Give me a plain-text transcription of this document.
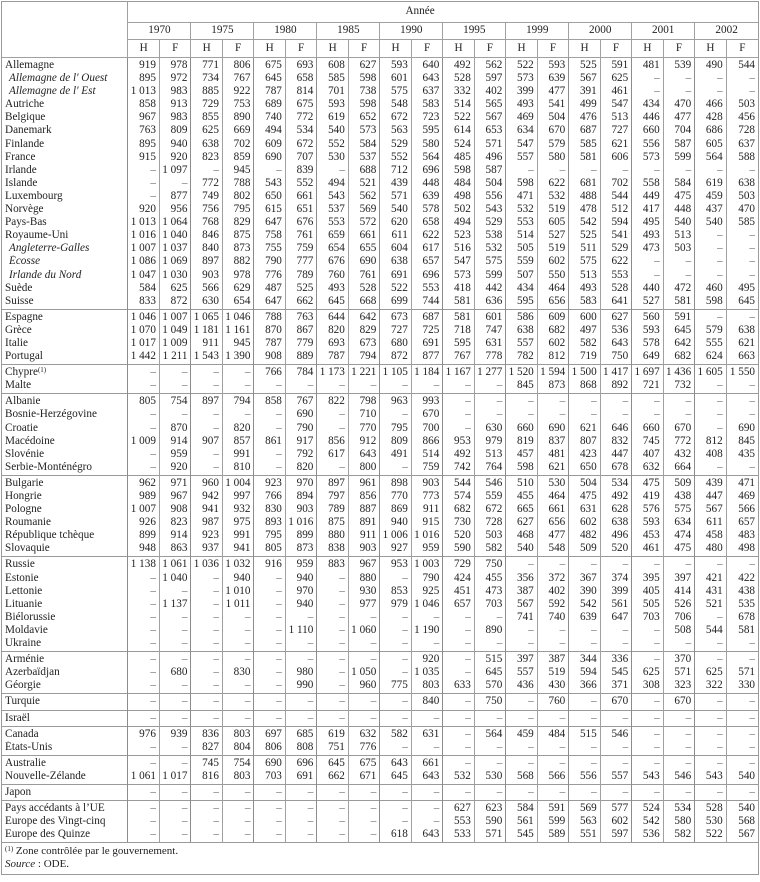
	Année																			
	1970		1975		1980		1985		1990		1995		1999		2000		2001		2002	
	H	F	H	F	H	F	H	F	H	F	H	F	H	F	H	F	H	F	H	F
Allemagne	919	978	771	806	675	693	608	627	593	640	492	562	522	593	525	591	481	539	490	544
Allemagne de l' Ouest	895	972	734	767	645	658	585	598	601	643	528	597	573	639	567	625	–	–	–	–
Allemagne de l' Est	1 013	983	885	922	787	814	701	738	575	637	332	402	399	477	391	461	–	–	–	–
Autriche	858	913	729	753	689	675	593	598	548	583	514	565	493	541	499	547	434	470	466	503
Belgique	967	983	855	890	740	772	619	652	672	723	522	567	469	504	476	513	446	477	428	456
Danemark	763	809	625	669	494	534	540	573	563	595	614	653	634	670	687	727	660	704	686	728
Finlande	895	940	638	702	609	672	552	584	529	580	524	571	547	579	585	621	556	587	605	637
France	915	920	823	859	690	707	530	537	552	564	485	496	557	580	581	606	573	599	564	588
Irlande	–	1 097	–	945	–	839	–	688	712	696	598	587	–	–	–	–	–	–	–	–
Islande	–	–	772	788	543	552	494	521	439	448	484	504	598	622	681	702	558	584	619	638
Luxembourg	–	877	749	802	650	661	543	562	571	639	498	556	471	532	488	544	449	475	459	503
Norvège	920	956	756	795	615	651	537	569	540	578	502	543	532	519	478	512	417	448	437	470
Pays-Bas	1 013	1 064	768	829	647	676	553	572	620	658	494	529	553	605	542	594	495	540	540	585
Royaume-Uni	1 016	1 040	846	875	758	761	659	661	611	622	523	538	514	527	525	541	493	513	–	–
Angleterre-Galles	1 007	1 037	840	873	755	759	654	655	604	617	516	532	505	519	511	529	473	503	–	–
Écosse	1 086	1 069	897	882	790	777	676	690	638	657	547	575	559	602	575	622	–	–	–	–
Irlande du Nord	1 047	1 030	903	978	776	789	760	761	691	696	573	599	507	550	513	553	–	–	–	–
Suède	584	625	566	629	487	525	493	528	522	553	418	442	434	464	493	528	440	472	460	495
Suisse	833	872	630	654	647	662	645	668	699	744	581	636	595	656	583	641	527	581	598	645
Espagne	1 046	1 007	1 065	1 046	788	763	644	642	673	687	581	601	586	609	600	627	560	591	–	–
Grèce	1 070	1 049	1 181	1 161	870	867	820	829	727	725	718	747	638	682	497	536	593	645	579	638
Italie	1 017	1 009	911	945	787	779	693	673	680	691	595	631	557	602	582	643	578	642	555	621
Portugal	1 442	1 211	1 543	1 390	908	889	787	794	872	877	767	778	782	812	719	750	649	682	624	663
Chypre$^{(1)}$	–	–	–	–	766	784	1 173	1 221	1 105	1 184	1 167	1 277	1 520	1 594	1 500	1 417	1 697	1 436	1 605	1 550
Malte	–	–	–	–	–	–	–	–	–	–	–	–	845	873	868	892	721	732	–	–
Albanie	805	754	897	794	858	767	822	798	963	993	–	–	–	–	–	–	–	–	–	–
Bosnie-Herzégovine	–	–	–	–	–	690	–	710	–	670	–	–	–	–	–	–	–	–	–	–
Croatie	–	870	–	820	–	790	–	770	795	700	–	630	660	690	621	646	660	670	–	690
Macédoine	1 009	914	907	857	861	917	856	912	809	866	953	979	819	837	807	832	745	772	812	845
Slovénie	–	959	–	991	–	792	617	643	491	514	492	513	457	481	423	447	407	432	408	435
Serbie-Monténégro	–	920	–	810	–	820	–	800	–	759	742	764	598	621	650	678	632	664	–	–
Bulgarie	962	971	960	1 004	923	970	897	961	898	903	544	546	510	530	504	534	475	509	439	471
Hongrie	989	967	942	997	766	894	797	856	770	773	574	559	455	464	475	492	419	438	447	469
Pologne	1 007	908	941	932	830	903	789	887	869	911	682	672	665	661	631	628	576	575	567	566
Roumanie	926	823	987	975	893	1 016	875	891	940	915	730	728	627	656	602	638	593	634	611	657
République tchèque	899	914	923	991	795	899	880	911	1 006	1 016	520	503	468	477	482	496	453	474	458	483
Slovaquie	948	863	937	941	805	873	838	903	927	959	590	582	540	548	509	520	461	475	480	498
Russie	1 138	1 061	1 036	1 032	916	959	883	967	953	1 003	729	750	–	–	–	–	–	–	–	–
Estonie	–	1 040	–	940	–	940	–	880	–	790	424	455	356	372	367	374	395	397	421	422
Lettonie	–	–	–	1 010	–	970	–	930	853	925	451	473	387	402	390	399	405	414	431	438
Lituanie	–	1 137	–	1 011	–	940	–	977	979	1 046	657	703	567	592	542	561	505	526	521	535
Biélorussie	–	–	–	–	–	–	–	–	–	–	–	–	741	740	639	647	703	706	–	678
Moldavie	–	–	–	–	–	1 110	–	1 060	–	1 190	–	890	–	–	–	–	–	508	544	581
Ukraine	–	–	–	–	–	–	–	–	–	–	–	–	–	–	–	–	–	–	–	–
Arménie	–	–	–	–	–	–	–	–	–	920	–	515	397	387	344	336	–	370	–	–
Azerbaïdjan	–	680	–	830	–	980	–	1 050	–	1 035	–	645	557	519	594	545	625	571	625	571
Géorgie	–	–	–	–	–	990	–	960	775	803	633	570	436	430	366	371	308	323	322	330
Turquie	–	–	–	–	–	–	–	–	–	840	–	750	–	760	–	670	–	670	–	–
Israël	–	–	–	–	–	–	–	–	–	–	–	–	–	–	–	–	–	–	–	–
Canada	976	939	836	803	697	685	619	632	582	631	–	564	459	484	515	546	–	–	–	–
États-Unis	–	–	827	804	806	808	751	776	–	–	–	–	–	–	–	–	–	–	–	–
Australie	–	–	745	754	690	696	645	675	643	661	–	–	–	–	–	–	–	–	–	–
Nouvelle-Zélande	1 061	1 017	816	803	703	691	662	671	645	643	532	530	568	566	556	557	543	546	543	540
Japon	–	–	–	–	–	–	–	–	–	–	–	–	–	–	–	–	–	–	–	–
Pays accédants à l’UE	–	–	–	–	–	–	–	–	–	–	627	623	584	591	569	577	524	534	528	540
Europe des Vingt-cinq	–	–	–	–	–	–	–	–	–	–	553	590	561	599	563	602	542	580	530	568
Europe des Quinze	–	–	–	–	–	–	–	–	618	643	533	571	545	589	551	597	536	582	522	567
$^{(1)}$ Zone contrôlée par le gouvernement.
Source : ODE.
